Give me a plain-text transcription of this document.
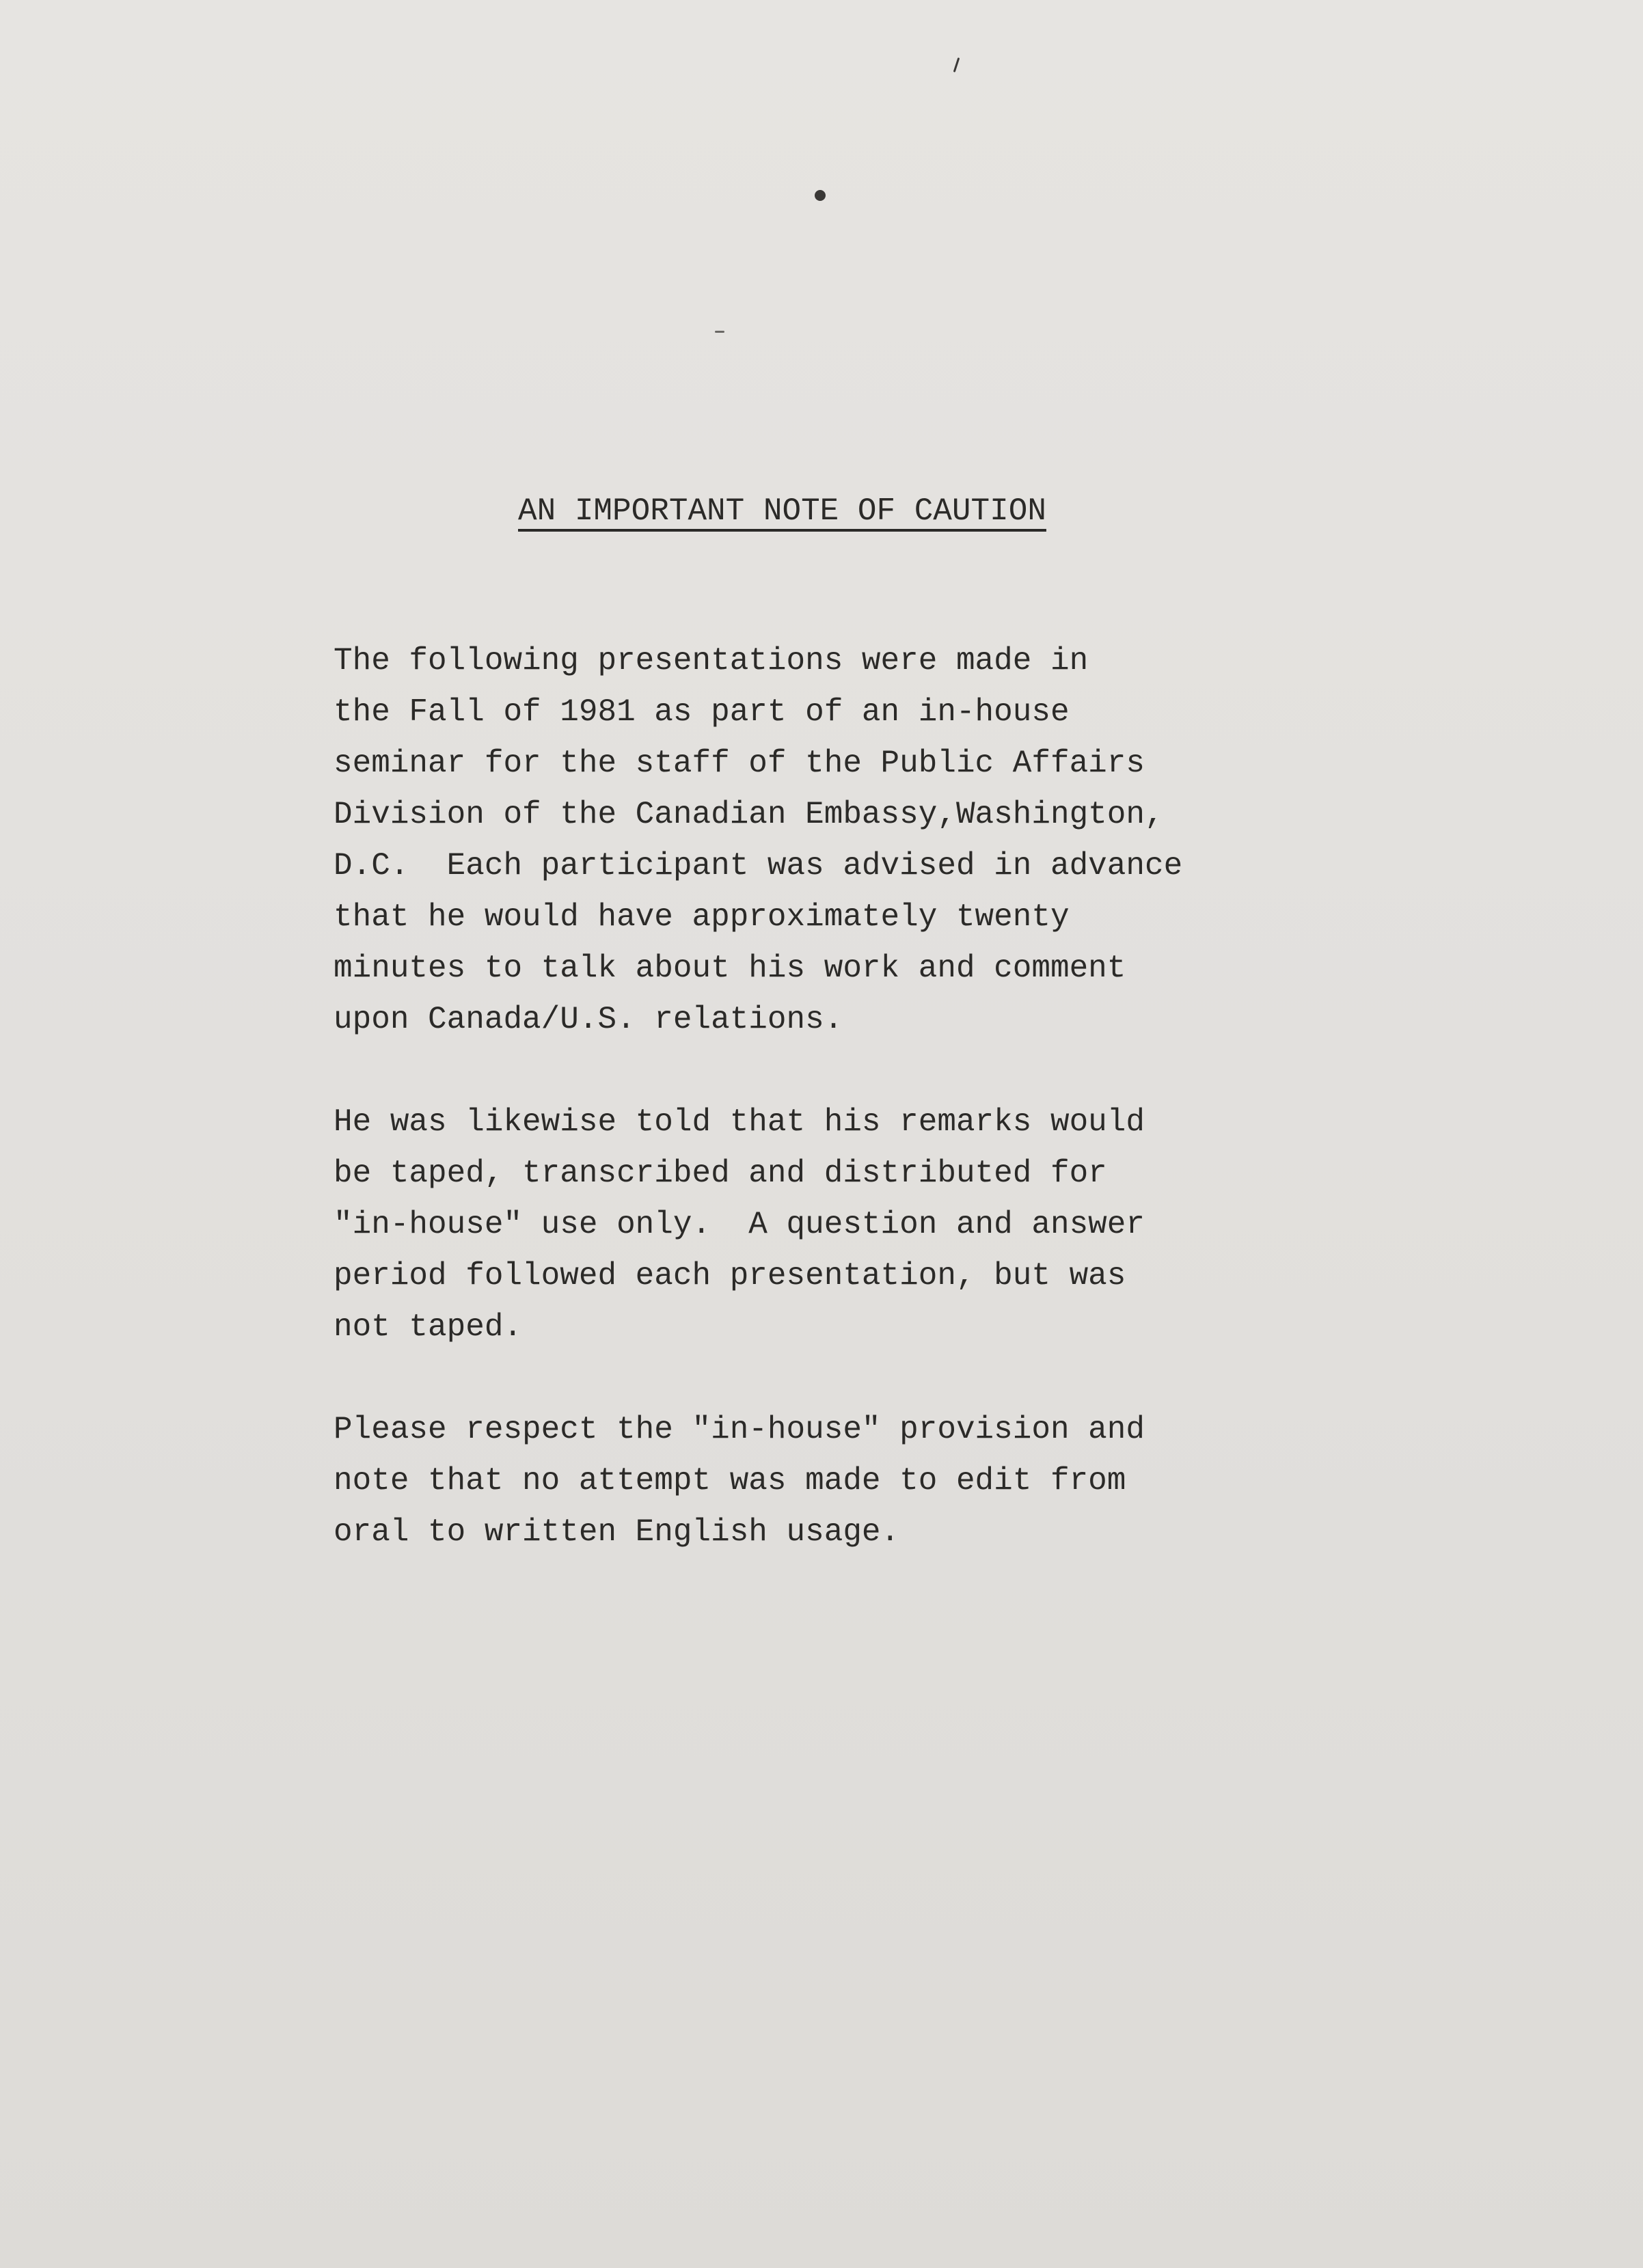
AN IMPORTANT NOTE OF CAUTION

The following presentations were made in
the Fall of 1981 as part of an in-house
seminar for the staff of the Public Affairs
Division of the Canadian Embassy,Washington,
D.C.  Each participant was advised in advance
that he would have approximately twenty
minutes to talk about his work and comment
upon Canada/U.S. relations.

He was likewise told that his remarks would
be taped, transcribed and distributed for
"in-house" use only.  A question and answer
period followed each presentation, but was
not taped.

Please respect the "in-house" provision and
note that no attempt was made to edit from
oral to written English usage.
